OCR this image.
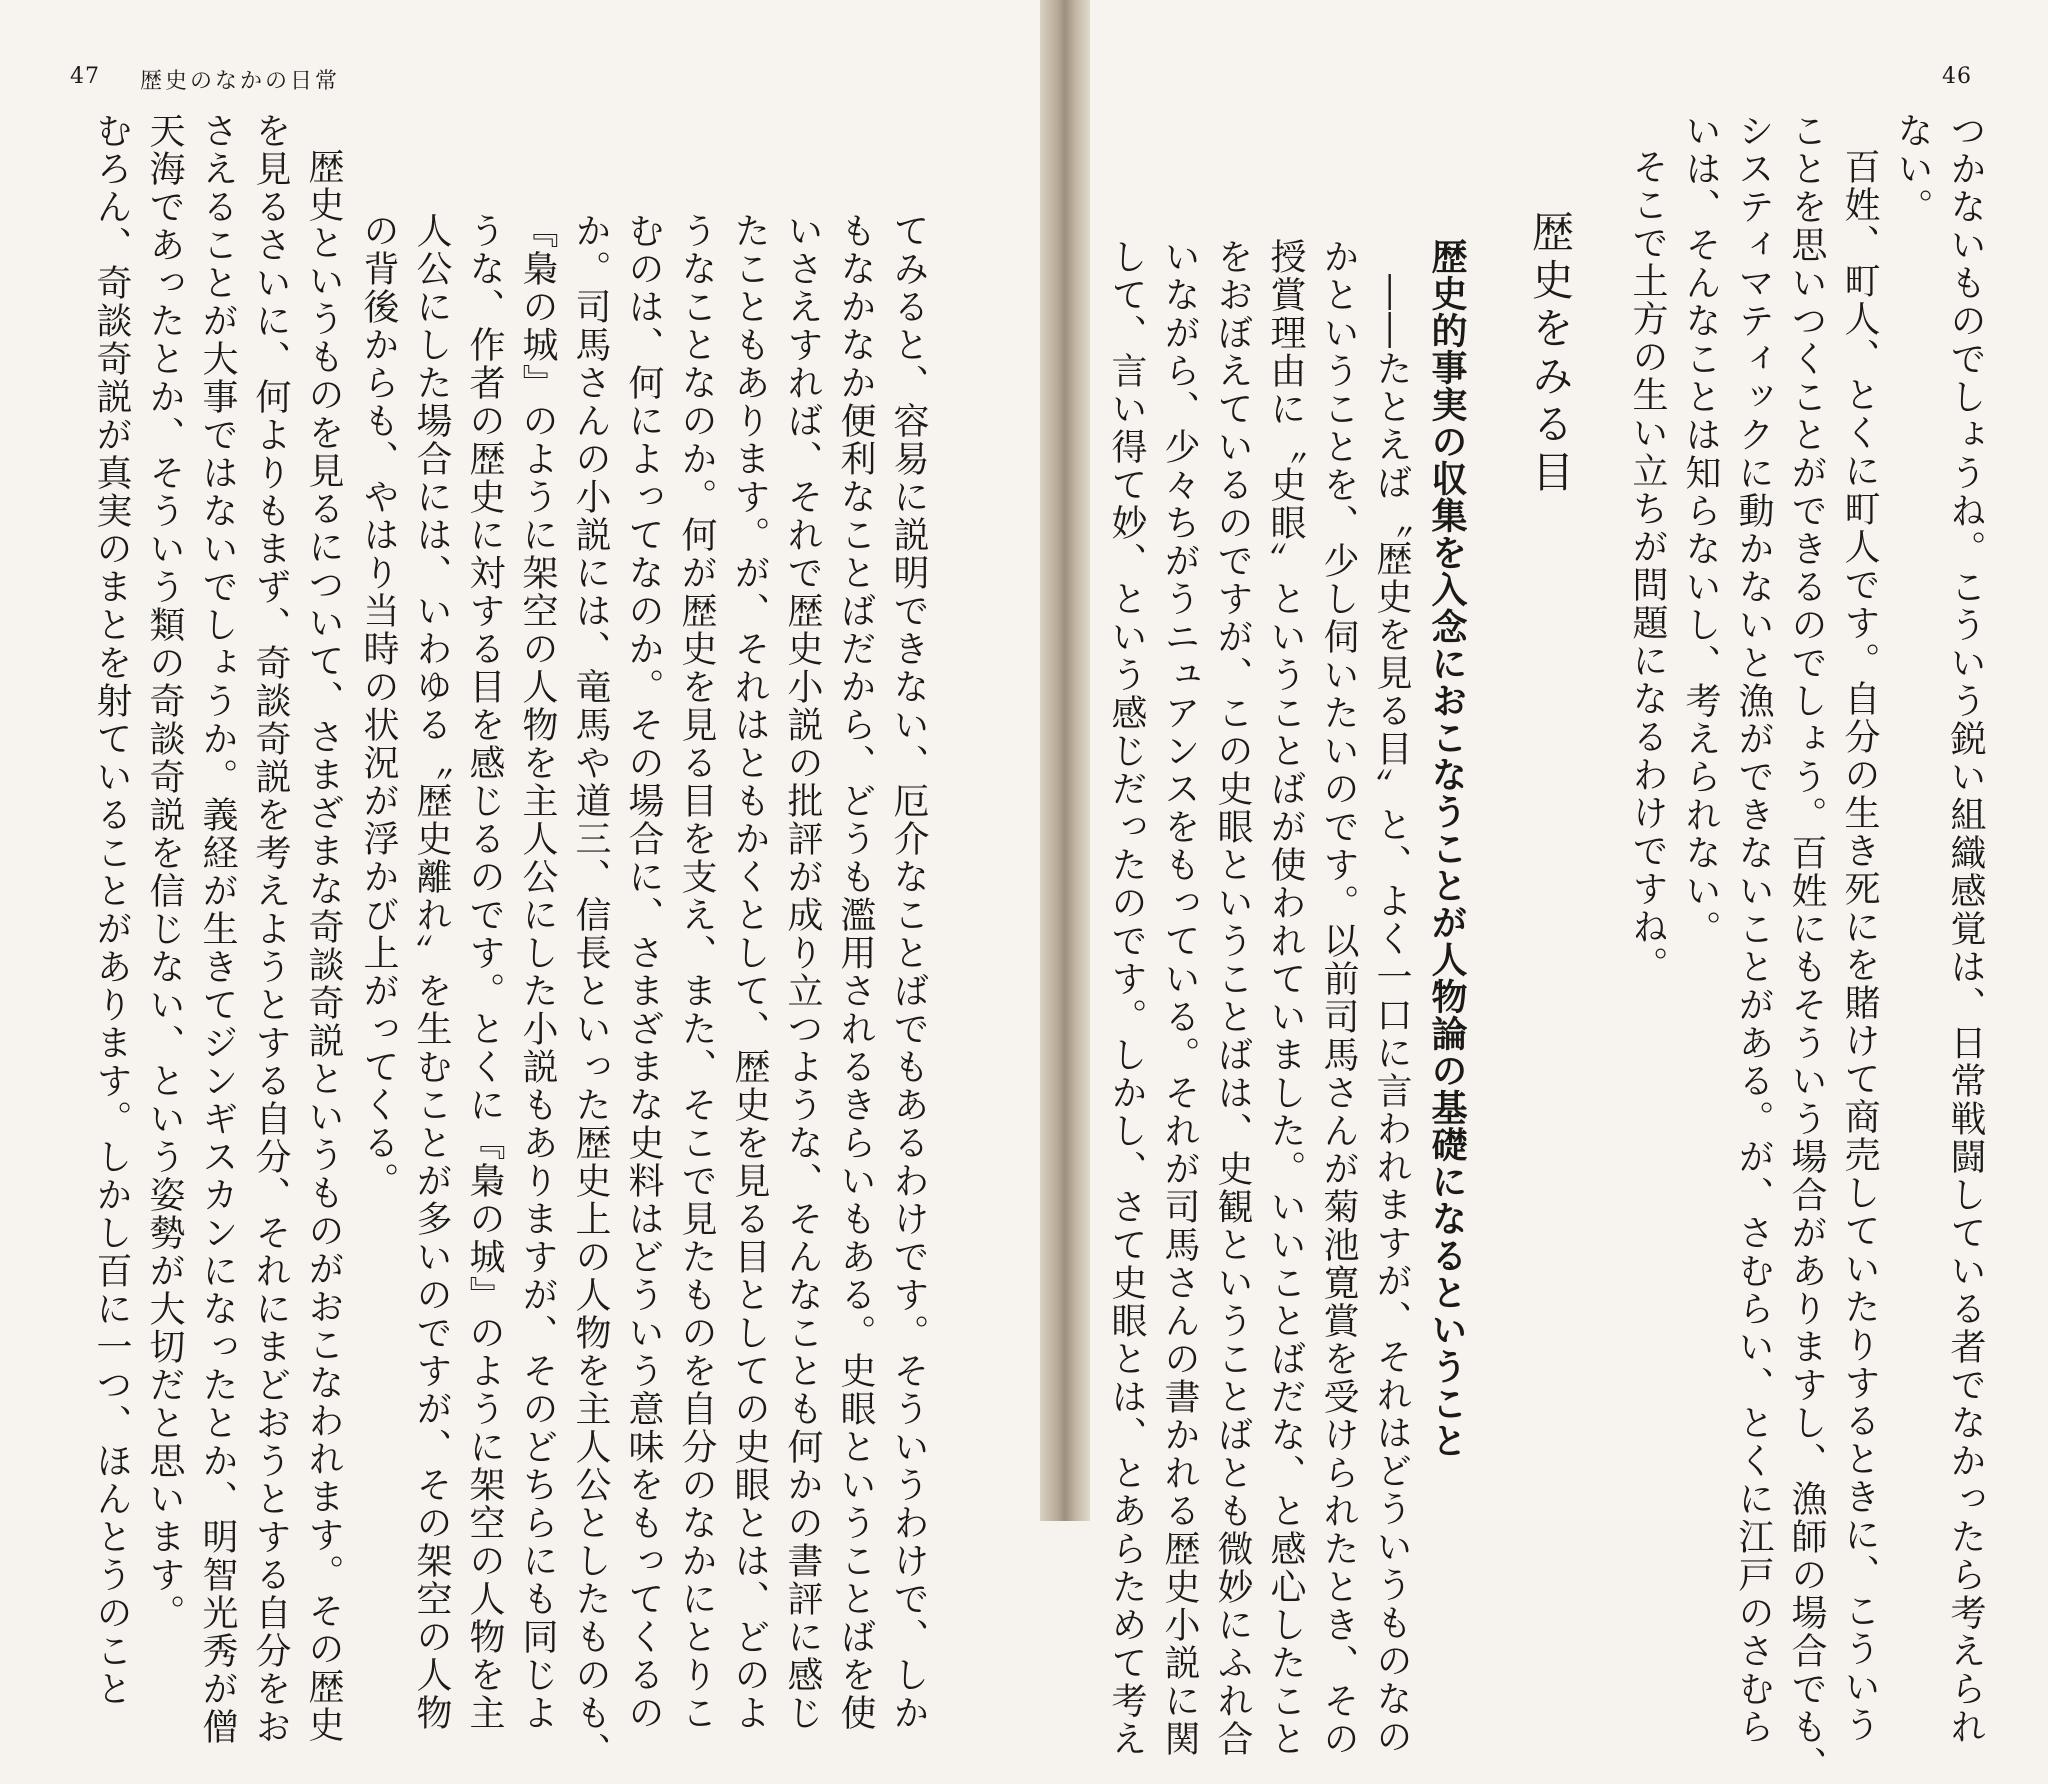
47 歴史のなかの日常

てみると、容易に説明できない、厄介なことばでもあるわけです。そういうわけで、しか

もなかなか便利なことばだから、どうも濫用されるきらいもある。史眼ということばを使

いさえすれば、それで歴史小説の批評が成り立つような、そんなことも何かの書評に感じ

たこともあります。が、それはともかくとして、歴史を見る目としての史眼とは、どのよ

うなことなのか。何が歴史を見る目を支え、また、そこで見たものを自分のなかにとりこ

むのは、何によってなのか。その場合に、さまざまな史料はどういう意味をもってくるの

か。司馬さんの小説には、竜馬や道三、信長といった歴史上の人物を主人公としたものも、

『梟の城』のように架空の人物を主人公にした小説もありますが、そのどちらにも同じよ

うな、作者の歴史に対する目を感じるのです。とくに『梟の城』のように架空の人物を主

人公にした場合には、いわゆる〝歴史離れ〟を生むことが多いのですが、その架空の人物

の背後からも、やはり当時の状況が浮かび上がってくる。

歴史というものを見るについて、さまざまな奇談奇説というものがおこなわれます。その歴史

を見るさいに、何よりもまず、奇談奇説を考えようとする自分、それにまどおうとする自分をお

さえることが大事ではないでしょうか。義経が生きてジンギスカンになったとか、明智光秀が僧

天海であったとか、そういう類の奇談奇説を信じない、という姿勢が大切だと思います。

むろん、奇談奇説が真実のまとを射ていることがあります。しかし百に一つ、ほんとうのこと

46

つかないものでしょうね。こういう鋭い組織感覚は、日常戦闘している者でなかったら考えられ

ない。

百姓、町人、とくに町人です。自分の生き死にを賭けて商売していたりするときに、こういう

ことを思いつくことができるのでしょう。百姓にもそういう場合がありますし、漁師の場合でも、

システィマティックに動かないと漁ができないことがある。が、さむらい、とくに江戸のさむら

いは、そんなことは知らないし、考えられない。

そこで土方の生い立ちが問題になるわけですね。

歴史をみる目
歴史的事実の収集を入念におこなうことが人物論の基礎になるということ

――たとえば〝歴史を見る目〟と、よく一口に言われますが、それはどういうものなの

かということを、少し伺いたいのです。以前司馬さんが菊池寛賞を受けられたとき、その

授賞理由に〝史眼〟ということばが使われていました。いいことばだな、と感心したこと

をおぼえているのですが、この史眼ということばは、史観ということばとも微妙にふれ合

いながら、少々ちがうニュアンスをもっている。それが司馬さんの書かれる歴史小説に関

して、言い得て妙、という感じだったのです。しかし、さて史眼とは、とあらためて考え
